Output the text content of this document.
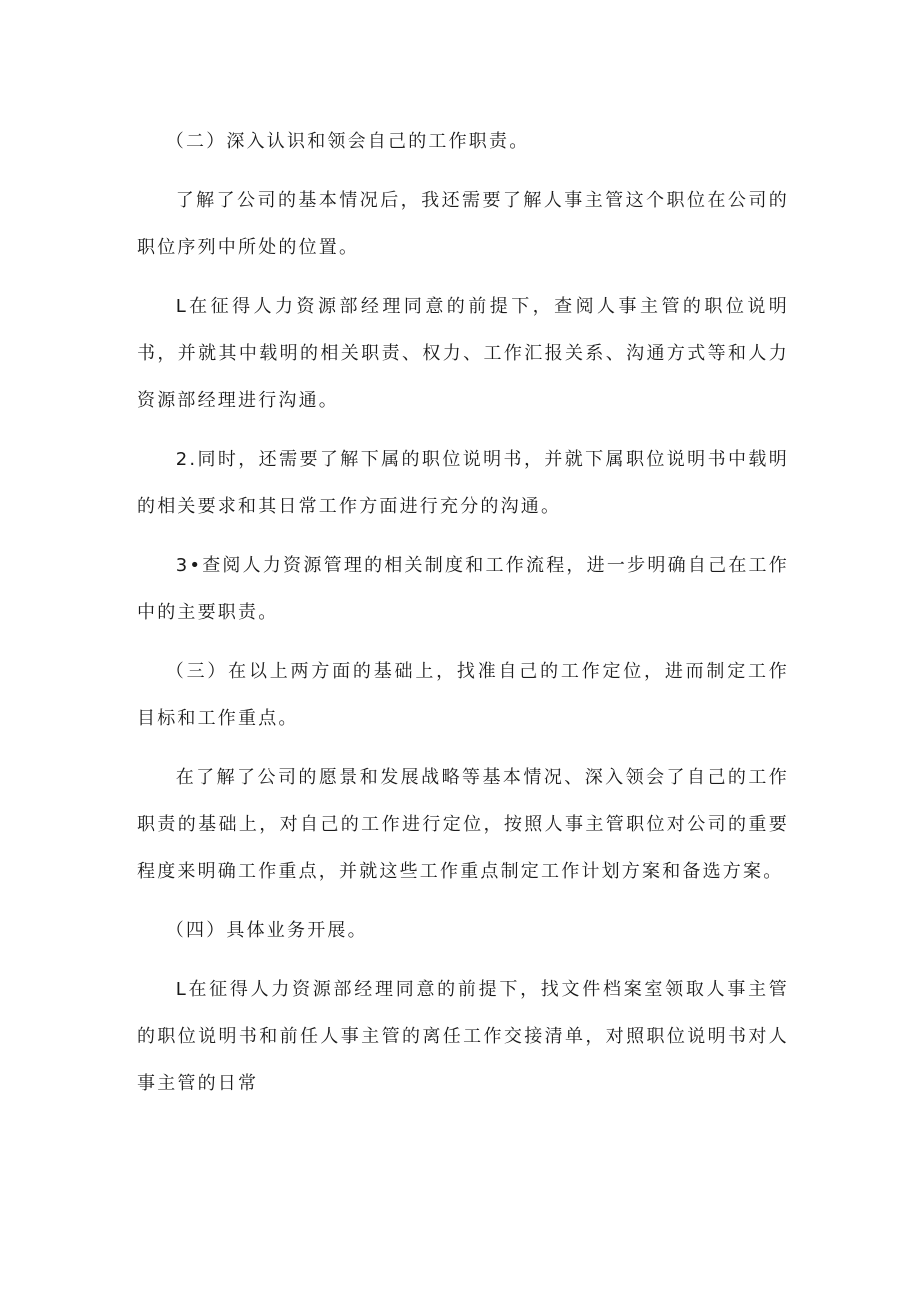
（二）深入认识和领会自己的工作职责。

了解了公司的基本情况后，我还需要了解人事主管这个职位在公司的职位序列中所处的位置。

L在征得人力资源部经理同意的前提下，查阅人事主管的职位说明书，并就其中载明的相关职责、权力、工作汇报关系、沟通方式等和人力资源部经理进行沟通。

2.同时，还需要了解下属的职位说明书，并就下属职位说明书中载明的相关要求和其日常工作方面进行充分的沟通。

3•查阅人力资源管理的相关制度和工作流程，进一步明确自己在工作中的主要职责。

（三）在以上两方面的基础上，找准自己的工作定位，进而制定工作目标和工作重点。

在了解了公司的愿景和发展战略等基本情况、深入领会了自己的工作职责的基础上，对自己的工作进行定位，按照人事主管职位对公司的重要程度来明确工作重点，并就这些工作重点制定工作计划方案和备选方案。

（四）具体业务开展。

L在征得人力资源部经理同意的前提下，找文件档案室领取人事主管的职位说明书和前任人事主管的离任工作交接清单，对照职位说明书对人事主管的日常
